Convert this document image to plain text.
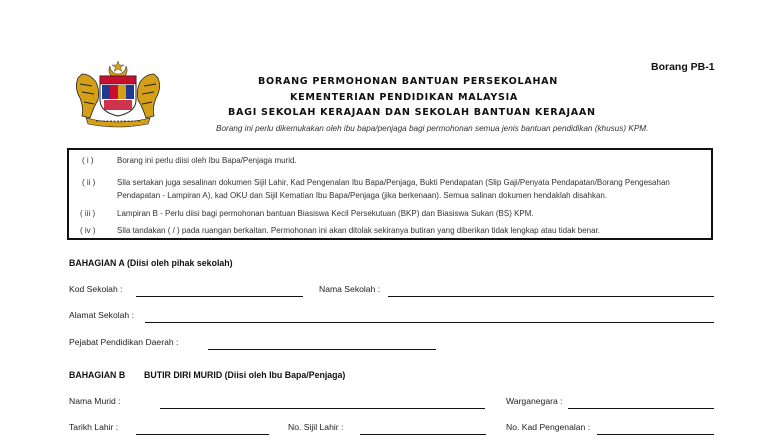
Borang PB-1
BORANG PERMOHONAN BANTUAN PERSEKOLAHAN
KEMENTERIAN PENDIDIKAN MALAYSIA
BAGI SEKOLAH KERAJAAN DAN SEKOLAH BANTUAN KERAJAAN
Borang ini perlu dikemukakan oleh ibu bapa/penjaga bagi permohonan semua jenis bantuan pendidikan (khusus) KPM.
( i )	Borang ini perlu diisi oleh Ibu Bapa/Penjaga murid.
( ii )	Sila sertakan juga sesalinan dokumen Sijil Lahir, Kad Pengenalan Ibu Bapa/Penjaga, Bukti Pendapatan (Slip Gaji/Penyata Pendapatan/Borang Pengesahan
Pendapatan - Lampiran A), kad OKU dan Sijil Kematian Ibu Bapa/Penjaga (jika berkenaan). Semua salinan dokumen hendaklah disahkan.
( iii )	Lampiran B - Perlu diisi bagi permohonan bantuan Biasiswa Kecil Persekutuan (BKP) dan Biasiswa Sukan (BS) KPM.
( iv )	Sila tandakan ( / ) pada ruangan berkaitan. Permohonan ini akan ditolak sekiranya butiran yang diberikan tidak lengkap atau tidak benar.
BAHAGIAN A (Diisi oleh pihak sekolah)
Kod Sekolah :	Nama Sekolah :
Alamat Sekolah :
Pejabat Pendidikan Daerah :
BAHAGIAN B BUTIR DIRI MURID (Diisi oleh Ibu Bapa/Penjaga)
Nama Murid :	Warganegara :
Tarikh Lahir :	No. Sijil Lahir :	No. Kad Pengenalan :
